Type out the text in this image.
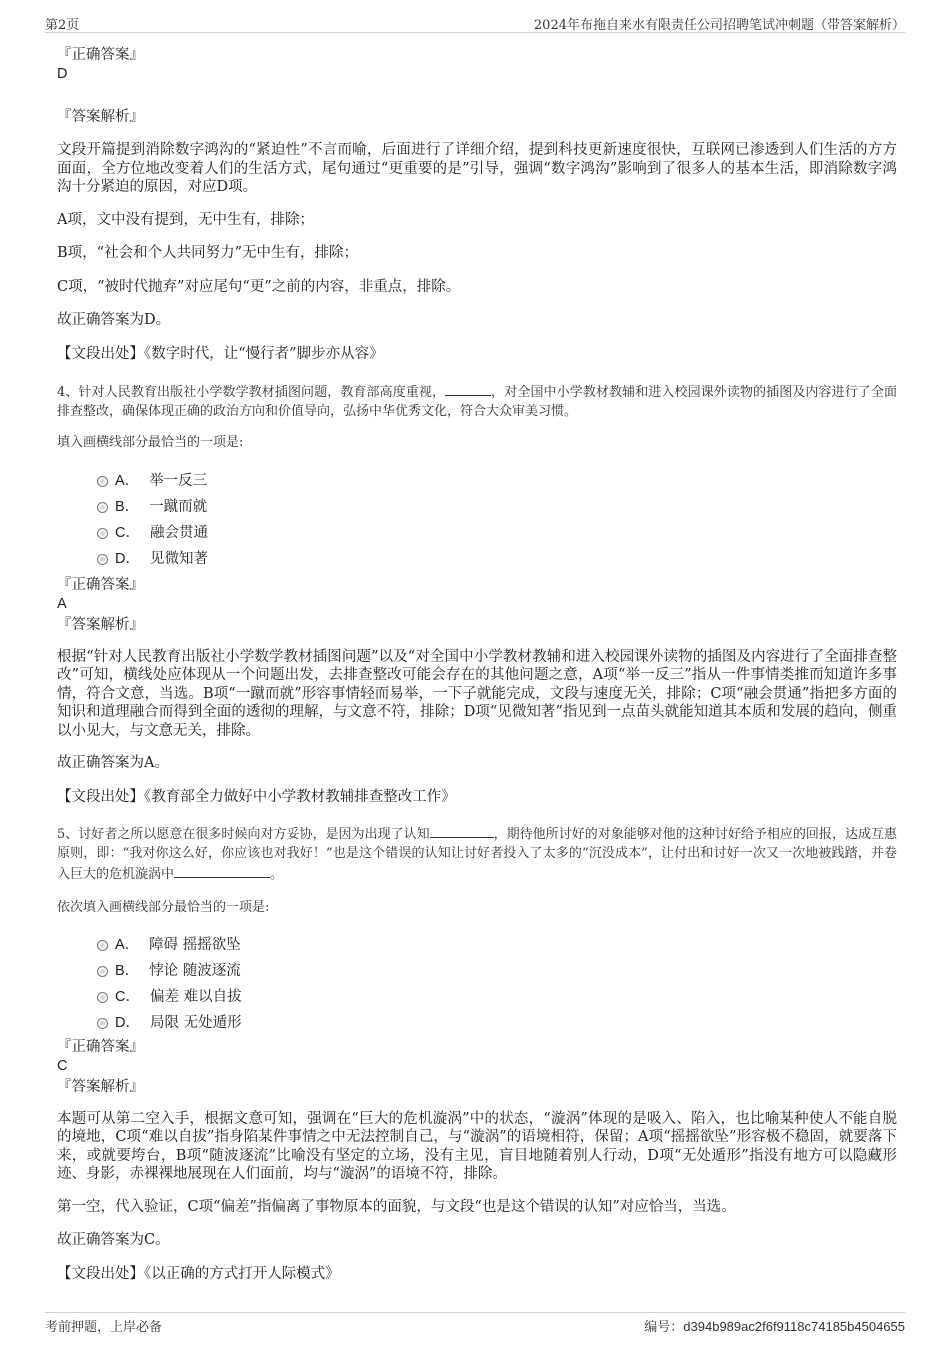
第2页	2024年布拖自来水有限责任公司招聘笔试冲刺题（带答案解析）
『正确答案』
D
『答案解析』

文段开篇提到消除数字鸿沟的“紧迫性”不言而喻，后面进行了详细介绍，提到科技更新速度很快，互联网已渗透到人们生活的方方面面，全方位地改变着人们的生活方式，尾句通过“更重要的是”引导，强调“数字鸿沟”影响到了很多人的基本生活，即消除数字鸿沟十分紧迫的原因，对应D项。

A项，文中没有提到，无中生有，排除；

B项，“社会和个人共同努力”无中生有，排除；

C项，“被时代抛弃”对应尾句“更”之前的内容，非重点，排除。

故正确答案为D。

【文段出处】《数字时代，让“慢行者”脚步亦从容》

4、针对人民教育出版社小学数学教材插图问题，教育部高度重视，	，对全国中小学教材教辅和进入校园课外读物的插图及内容进行了全面排查整改，确保体现正确的政治方向和价值导向，弘扬中华优秀文化，符合大众审美习惯。

填入画横线部分最恰当的一项是:

A． 举一反三
B． 一蹴而就
C． 融会贯通
D． 见微知著
『正确答案』
A
『答案解析』

根据“针对人民教育出版社小学数学教材插图问题”以及“对全国中小学教材教辅和进入校园课外读物的插图及内容进行了全面排查整改”可知，横线处应体现从一个问题出发，去排查整改可能会存在的其他问题之意，A项“举一反三”指从一件事情类推而知道许多事情，符合文意，当选。B项“一蹴而就”形容事情轻而易举，一下子就能完成，文段与速度无关，排除；C项“融会贯通”指把多方面的知识和道理融合而得到全面的透彻的理解，与文意不符，排除；D项“见微知著”指见到一点苗头就能知道其本质和发展的趋向，侧重以小见大，与文意无关，排除。

故正确答案为A。

【文段出处】《教育部全力做好中小学教材教辅排查整改工作》

5、讨好者之所以愿意在很多时候向对方妥协，是因为出现了认知	，期待他所讨好的对象能够对他的这种讨好给予相应的回报，达成互惠原则，即：“我对你这么好，你应该也对我好！”也是这个错误的认知让讨好者投入了太多的“沉没成本”，让付出和讨好一次又一次地被践踏，并卷入巨大的危机漩涡中	。

依次填入画横线部分最恰当的一项是:

A． 障碍 摇摇欲坠
B． 悖论 随波逐流
C． 偏差 难以自拔
D． 局限 无处遁形
『正确答案』
C
『答案解析』

本题可从第二空入手，根据文意可知，强调在“巨大的危机漩涡”中的状态，“漩涡”体现的是吸入、陷入，也比喻某种使人不能自脱的境地，C项“难以自拔”指身陷某件事情之中无法控制自己，与“漩涡”的语境相符，保留；A项“摇摇欲坠”形容极不稳固，就要落下来，或就要垮台，B项“随波逐流”比喻没有坚定的立场，没有主见，盲目地随着别人行动，D项“无处遁形”指没有地方可以隐藏形迹、身影，赤裸裸地展现在人们面前，均与“漩涡”的语境不符，排除。

第一空，代入验证，C项“偏差”指偏离了事物原本的面貌，与文段“也是这个错误的认知”对应恰当，当选。

故正确答案为C。

【文段出处】《以正确的方式打开人际模式》

考前押题，上岸必备	编号：d394b989ac2f6f9118c74185b4504655
